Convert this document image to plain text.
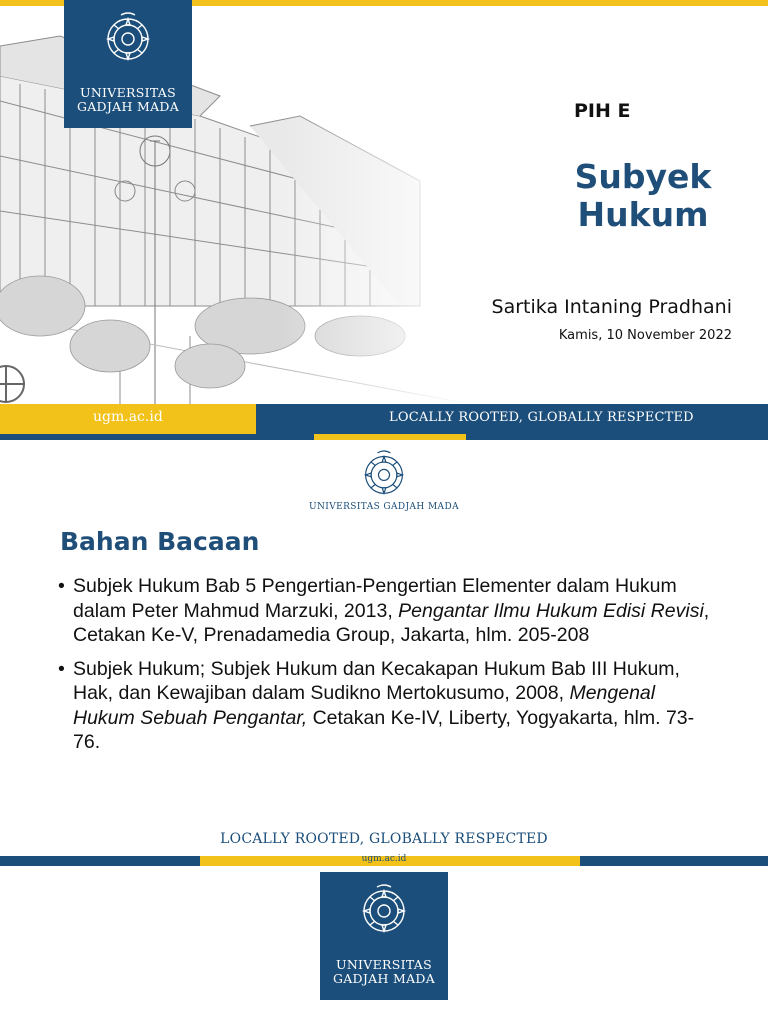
UNIVERSITAS
GADJAH MADA	PIH E
Subyek
Hukum
Sartika Intaning Pradhani
Kamis, 10 November 2022
ugm.ac.id	LOCALLY ROOTED, GLOBALLY RESPECTED
UNIVERSITAS GADJAH MADA
Bahan Bacaan
• Subjek Hukum Bab 5 Pengertian-Pengertian Elementer dalam Hukum dalam Peter Mahmud Marzuki, 2013, Pengantar Ilmu Hukum Edisi Revisi, Cetakan Ke-V, Prenadamedia Group, Jakarta, hlm. 205-208
• Subjek Hukum; Subjek Hukum dan Kecakapan Hukum Bab III Hukum, Hak, dan Kewajiban dalam Sudikno Mertokusumo, 2008, Mengenal Hukum Sebuah Pengantar, Cetakan Ke-IV, Liberty, Yogyakarta, hlm. 73-76.
LOCALLY ROOTED, GLOBALLY RESPECTED
ugm.ac.id
UNIVERSITAS
GADJAH MADA
